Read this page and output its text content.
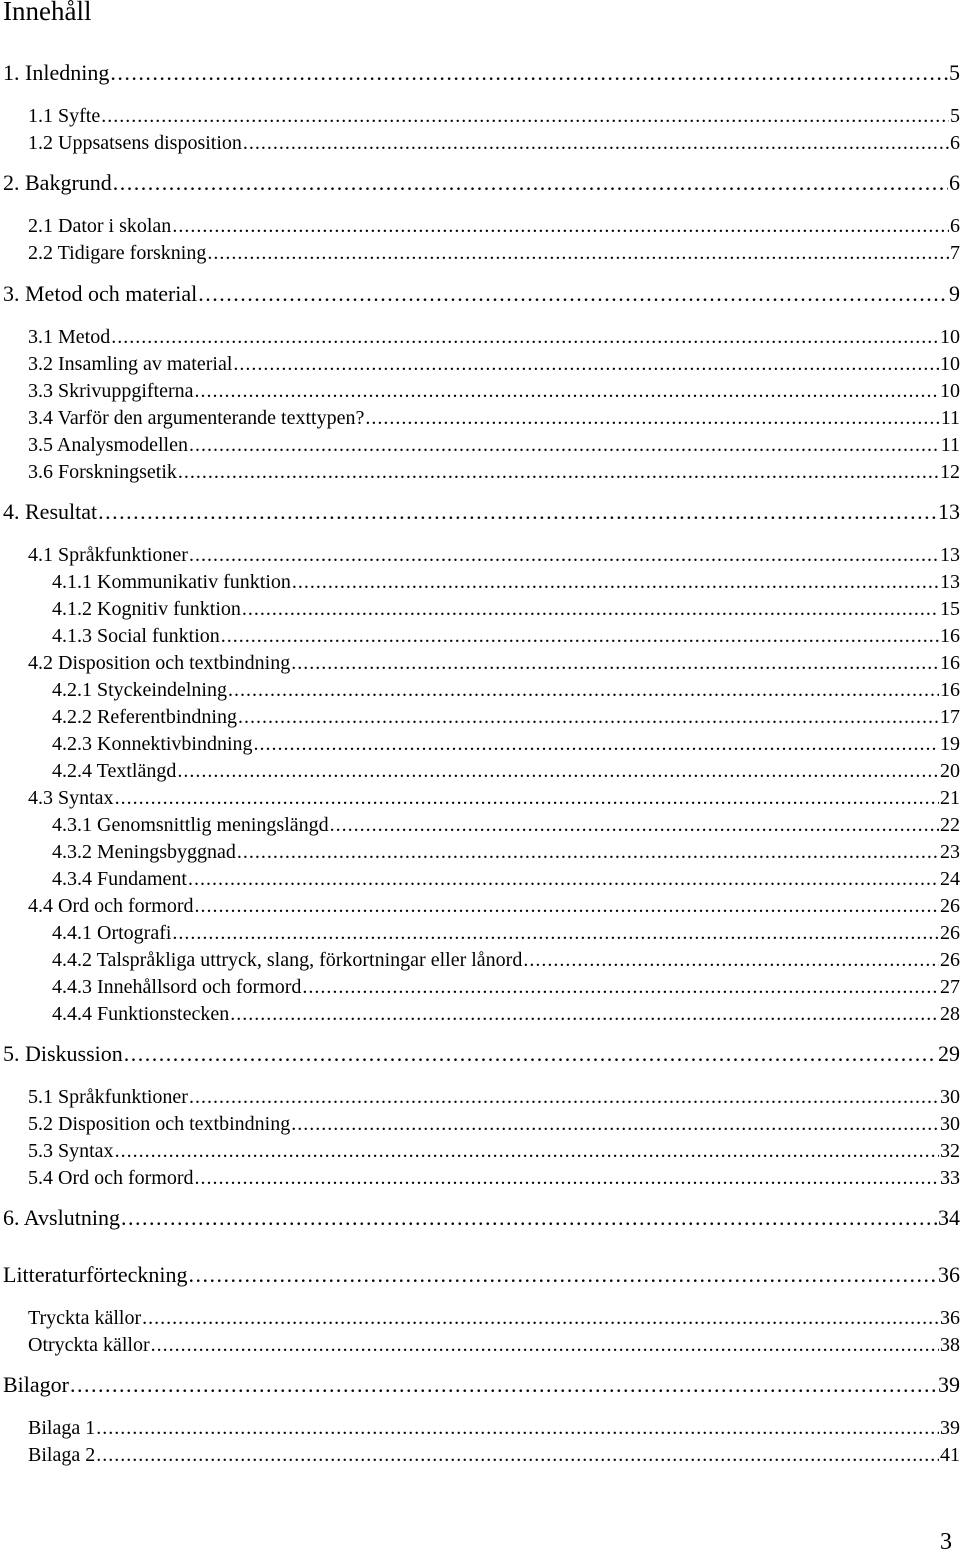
Innehåll
1. Inledning . . .	5
1.1 Syfte . . .	5
1.2 Uppsatsens disposition . . .	6
2. Bakgrund . . .	6
2.1 Dator i skolan . . .	6
2.2 Tidigare forskning . . .	7
3. Metod och material . . .	9
3.1 Metod . . .	10
3.2 Insamling av material . . .	10
3.3 Skrivuppgifterna . . .	10
3.4 Varför den argumenterande texttypen? . . .	11
3.5 Analysmodellen . . .	11
3.6 Forskningsetik . . .	12
4. Resultat . . .	13
4.1 Språkfunktioner . . .	13
4.1.1 Kommunikativ funktion . . .	13
4.1.2 Kognitiv funktion . . .	15
4.1.3 Social funktion . . .	16
4.2 Disposition och textbindning . . .	16
4.2.1 Styckeindelning . . .	16
4.2.2 Referentbindning . . .	17
4.2.3 Konnektivbindning . . .	19
4.2.4 Textlängd . . .	20
4.3 Syntax . . .	21
4.3.1 Genomsnittlig meningslängd . . .	22
4.3.2 Meningsbyggnad . . .	23
4.3.4 Fundament . . .	24
4.4 Ord och formord . . .	26
4.4.1 Ortografi . . .	26
4.4.2 Talspråkliga uttryck, slang, förkortningar eller lånord . . .	26
4.4.3 Innehållsord och formord . . .	27
4.4.4 Funktionstecken . . .	28
5. Diskussion . . .	29
5.1 Språkfunktioner . . .	30
5.2 Disposition och textbindning . . .	30
5.3 Syntax . . .	32
5.4 Ord och formord . . .	33
6. Avslutning . . .	34
Litteraturförteckning . . .	36
Tryckta källor . . .	36
Otryckta källor . . .	38
Bilagor . . .	39
Bilaga 1 . . .	39
Bilaga 2 . . .	41
3
